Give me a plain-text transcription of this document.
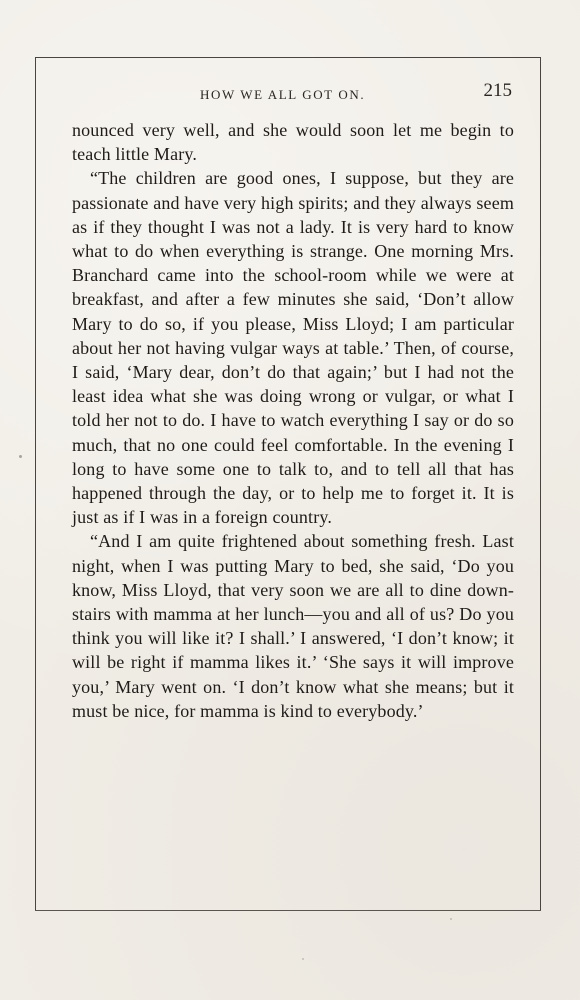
HOW WE ALL GOT ON.	215

nounced very well, and she would soon let me begin to teach little Mary.

“The children are good ones, I suppose, but they are passionate and have very high spirits; and they always seem as if they thought I was not a lady. It is very hard to know what to do when everything is strange. One morning Mrs. Branchard came into the school-room while we were at breakfast, and after a few minutes she said, ‘Don’t allow Mary to do so, if you please, Miss Lloyd; I am particular about her not having vulgar ways at table.’ Then, of course, I said, ‘Mary dear, don’t do that again;’ but I had not the least idea what she was doing wrong or vulgar, or what I told her not to do. I have to watch everything I say or do so much, that no one could feel comfortable. In the evening I long to have some one to talk to, and to tell all that has happened through the day, or to help me to forget it. It is just as if I was in a foreign country.

“And I am quite frightened about something fresh. Last night, when I was putting Mary to bed, she said, ‘Do you know, Miss Lloyd, that very soon we are all to dine down-stairs with mamma at her lunch—you and all of us? Do you think you will like it? I shall.’ I answered, ‘I don’t know; it will be right if mamma likes it.’ ‘She says it will improve you,’ Mary went on. ‘I don’t know what she means; but it must be nice, for mamma is kind to everybody.’
